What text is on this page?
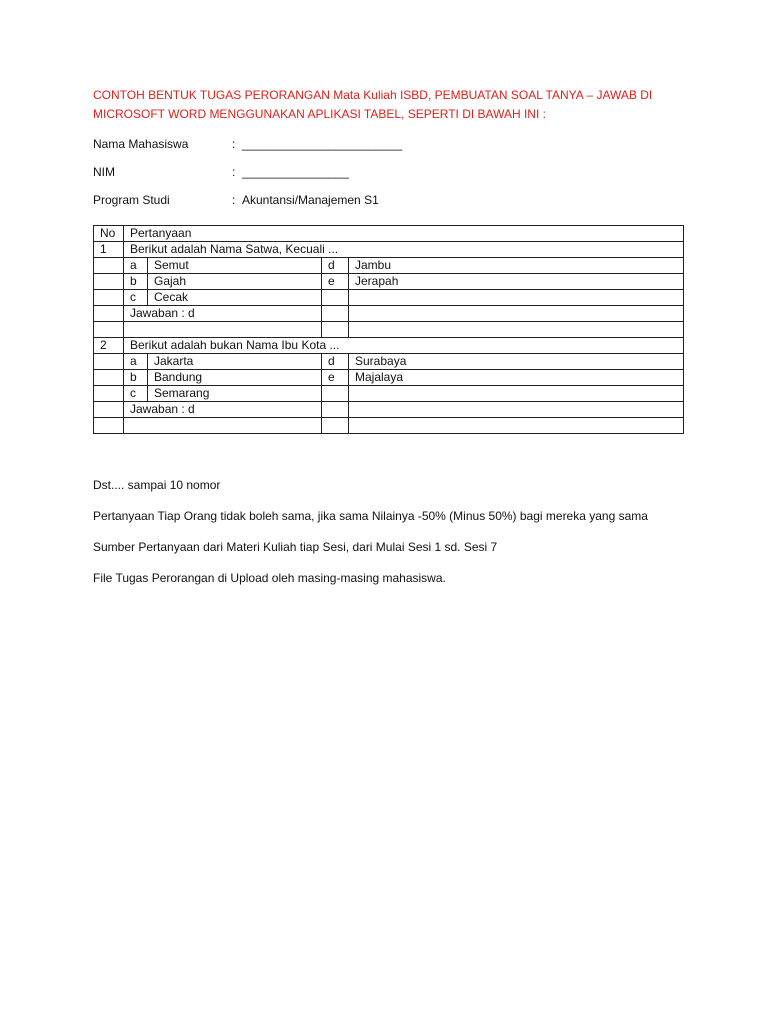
CONTOH BENTUK TUGAS PERORANGAN Mata Kuliah ISBD, PEMBUATAN SOAL TANYA – JAWAB DI MICROSOFT WORD MENGGUNAKAN APLIKASI TABEL, SEPERTI DI BAWAH INI :

Nama Mahasiswa	: ________________________
NIM	: ________________
Program Studi	: Akuntansi/Manajemen S1
No	Pertanyaan			
1	Berikut adalah Nama Satwa, Kecuali ...			
	a	Semut	d	Jambu
	b	Gajah	e	Jerapah
	c	Cecak		
	Jawaban : d			

2	Berikut adalah bukan Nama Ibu Kota ...			
	a	Jakarta	d	Surabaya
	b	Bandung	e	Majalaya
	c	Semarang		
	Jawaban : d			

Dst.... sampai 10 nomor

Pertanyaan Tiap Orang tidak boleh sama, jika sama Nilainya -50% (Minus 50%) bagi mereka yang sama

Sumber Pertanyaan dari Materi Kuliah tiap Sesi, dari Mulai Sesi 1 sd. Sesi 7

File Tugas Perorangan di Upload oleh masing-masing mahasiswa.
